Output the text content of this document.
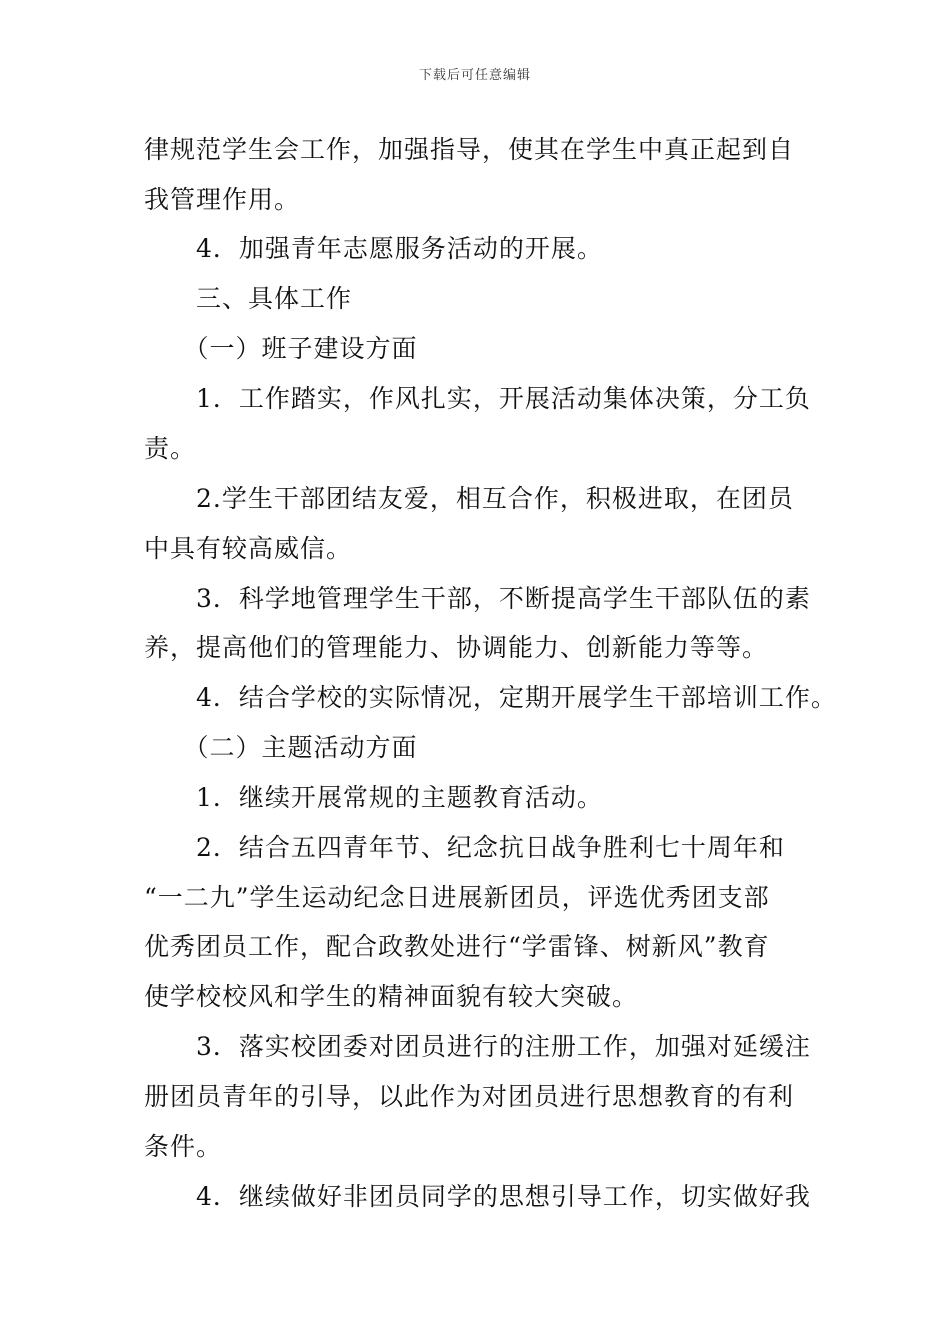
下载后可任意编辑
律规范学生会工作，加强指导，使其在学生中真正起到自
我管理作用。
　　4．加强青年志愿服务活动的开展。
　　三、具体工作
　　（一）班子建设方面
　　1．工作踏实，作风扎实，开展活动集体决策，分工负
责。
　　2.学生干部团结友爱，相互合作，积极进取，在团员
中具有较高威信。
　　3．科学地管理学生干部，不断提高学生干部队伍的素
养，提高他们的管理能力、协调能力、创新能力等等。
　　4．结合学校的实际情况，定期开展学生干部培训工作。
　　（二）主题活动方面
　　1．继续开展常规的主题教育活动。
　　2．结合五四青年节、纪念抗日战争胜利七十周年和
“一二九”学生运动纪念日进展新团员，评选优秀团支部
优秀团员工作，配合政教处进行“学雷锋、树新风”教育
使学校校风和学生的精神面貌有较大突破。
　　3．落实校团委对团员进行的注册工作，加强对延缓注
册团员青年的引导，以此作为对团员进行思想教育的有利
条件。
　　4．继续做好非团员同学的思想引导工作，切实做好我
